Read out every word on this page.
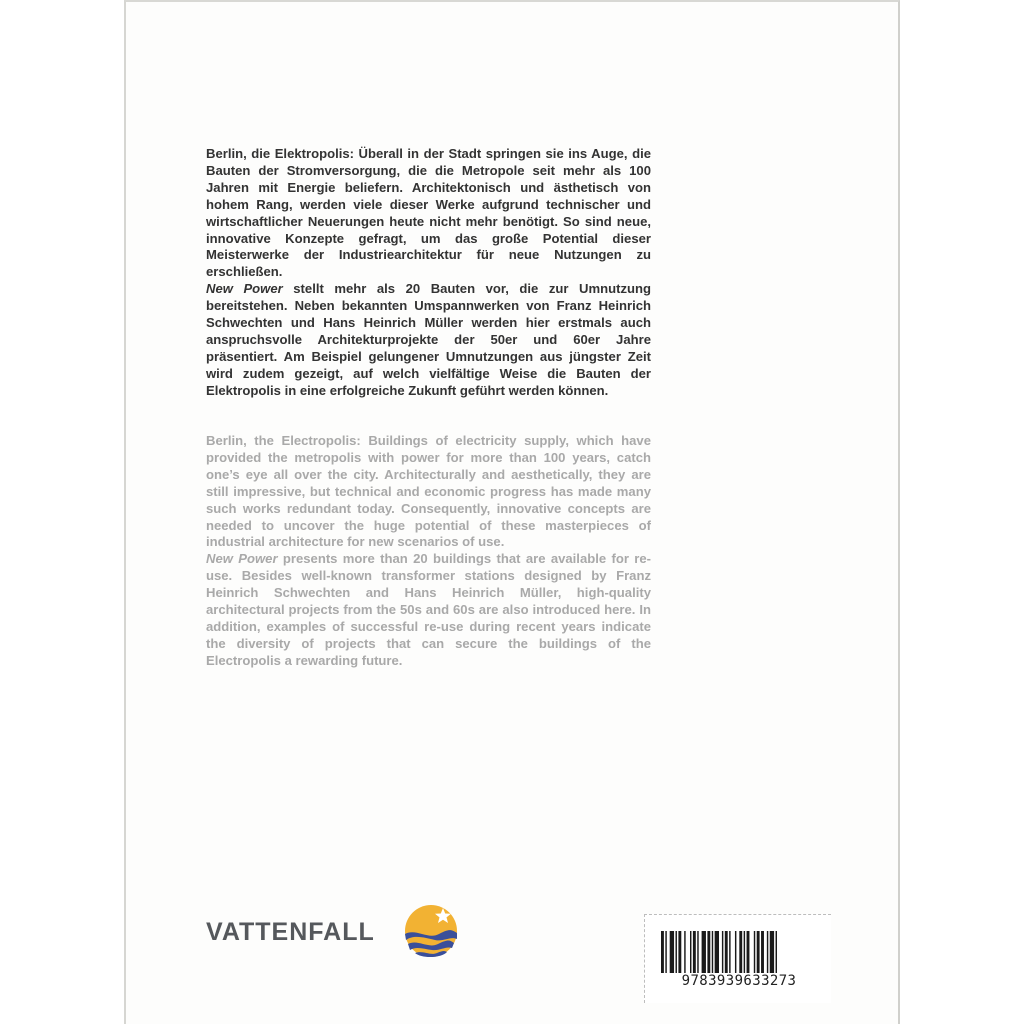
Berlin, die Elektropolis: Überall in der Stadt springen sie ins Auge, die Bauten der Stromversorgung, die die Metropole seit mehr als 100 Jahren mit Energie beliefern. Architektonisch und ästhetisch von hohem Rang, werden viele dieser Werke aufgrund technischer und wirtschaftlicher Neuerungen heute nicht mehr benötigt. So sind neue, innovative Konzepte gefragt, um das große Potential dieser Meisterwerke der Industriearchitektur für neue Nutzungen zu erschließen.

New Power stellt mehr als 20 Bauten vor, die zur Umnutzung bereitstehen. Neben bekannten Umspannwerken von Franz Heinrich Schwechten und Hans Heinrich Müller werden hier erstmals auch anspruchsvolle Architekturprojekte der 50er und 60er Jahre präsentiert. Am Beispiel gelungener Umnutzungen aus jüngster Zeit wird zudem gezeigt, auf welch vielfältige Weise die Bauten der Elektropolis in eine erfolgreiche Zukunft geführt werden können.

Berlin, the Electropolis: Buildings of electricity supply, which have provided the metropolis with power for more than 100 years, catch one’s eye all over the city. Architecturally and aesthetically, they are still impressive, but technical and economic progress has made many such works redundant today. Consequently, innovative concepts are needed to uncover the huge potential of these masterpieces of industrial architecture for new scenarios of use.

New Power presents more than 20 buildings that are available for re-use. Besides well-known transformer stations designed by Franz Heinrich Schwechten and Hans Heinrich Müller, high-quality architectural projects from the 50s and 60s are also introduced here. In addition, examples of successful re-use during recent years indicate the diversity of projects that can secure the buildings of the Electropolis a rewarding future.

VATTENFALL
9783939633273
